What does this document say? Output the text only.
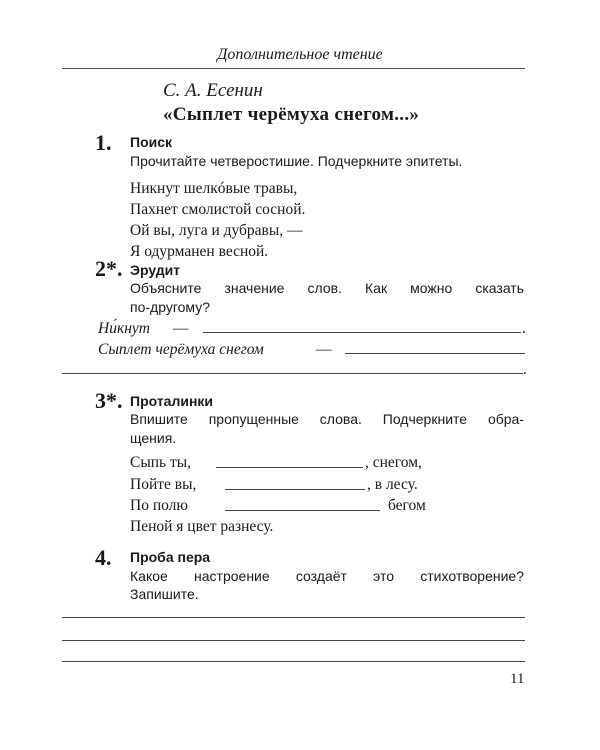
Дополнительное чтение
С. А. Есенин
«Сыплет черёмуха снегом...»
1. Поиск
Прочитайте четверостишие. Подчеркните эпитеты.
Никнут шелкóвые травы,
Пахнет смолистой сосной.
Ой вы, луга и дубравы, —
Я одурманен весной.
2*. Эрудит
Объясните значение слов. Как можно сказать
по-другому?
Ни́кнут —	.
Сыплет черёмуха снегом	—
.
3*. Проталинки
Впишите пропущенные слова. Подчеркните обра-
щения.
Сыпь ты,	, снегом,
Пойте вы,	, в лесу.
По полю	бегом
Пеной я цвет разнесу.
4. Проба пера
Какое настроение создаёт это стихотворение?
Запишите.
11
